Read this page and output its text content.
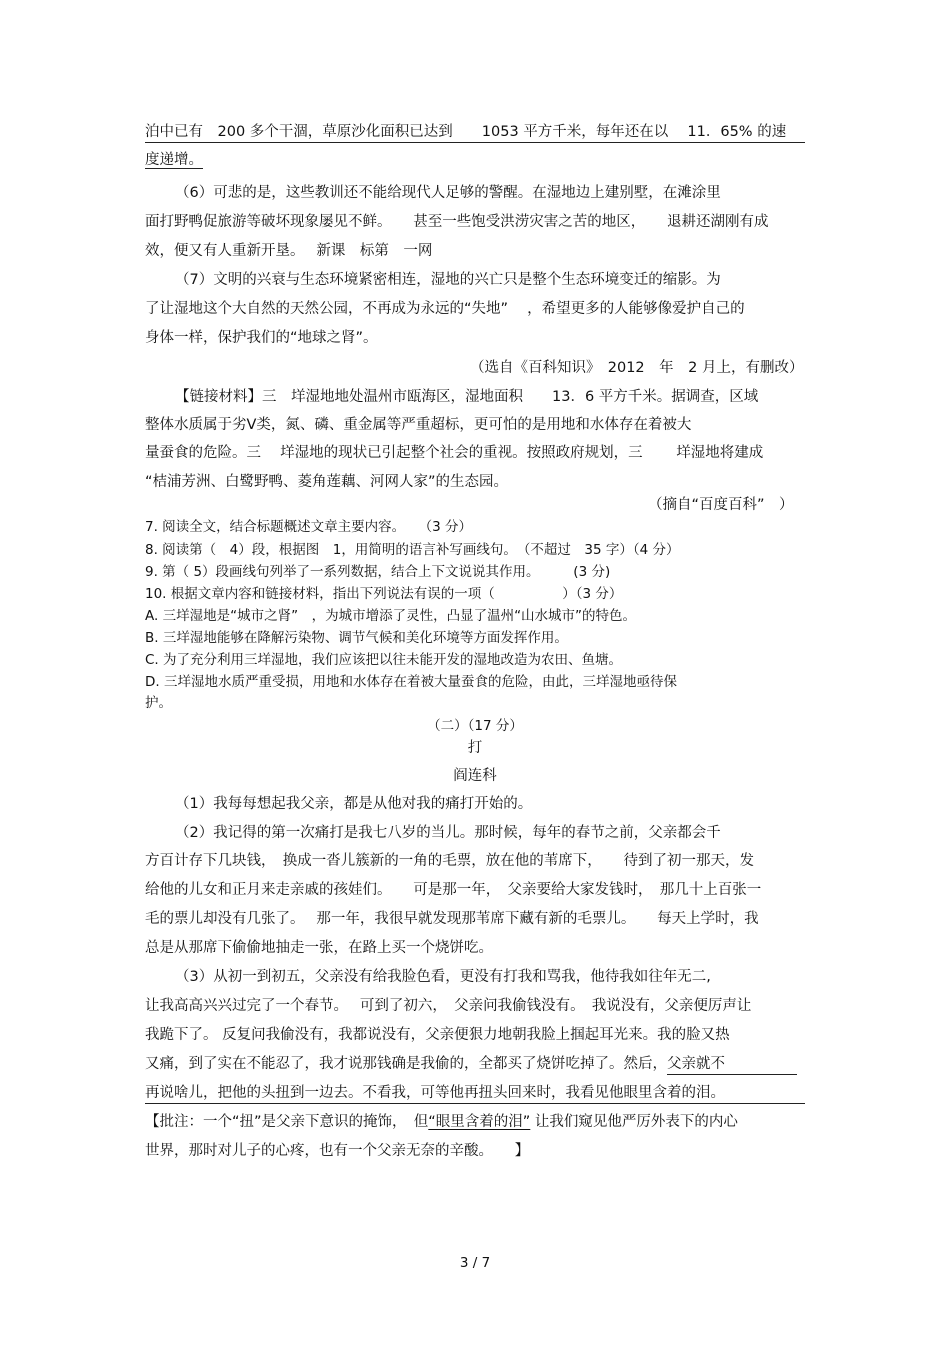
泊中已有　200 多个干涸，草原沙化面积已达到　　1053 平方千米，每年还在以　 11．65% 的速
度递增。
（6）可悲的是，这些教训还不能给现代人足够的警醒。在湿地边上建别墅，在滩涂里
面打野鸭促旅游等破坏现象屡见不鲜。　　甚至一些饱受洪涝灾害之苦的地区，　　退耕还湖刚有成
效，便又有人重新开垦。　 新课　标第　一网
（7）文明的兴衰与生态环境紧密相连，湿地的兴亡只是整个生态环境变迁的缩影。为
了让湿地这个大自然的天然公园，不再成为永远的“失地”　 ，希望更多的人能够像爱护自己的
身体一样，保护我们的“地球之肾”。
（选自《百科知识》　2012　年　2 月上，有删改）
【链接材料】三　垟湿地地处温州市瓯海区，湿地面积　　13．6 平方千米。据调查，区域
整体水质属于劣Ⅴ类，氮、磷、重金属等严重超标，更可怕的是用地和水体存在着被大
量蚕食的危险。三　 垟湿地的现状已引起整个社会的重视。按照政府规划，三　　 垟湿地将建成
“桔浦芳洲、白鹭野鸭、菱角莲藕、河网人家”的生态园。
（摘自“百度百科”　）
7. 阅读全文，结合标题概述文章主要内容。　　（3 分）
8. 阅读第（　4）段，根据图　1，用简明的语言补写画线句。　（不超过　35 字）（4 分）
9. 第（ 5）段画线句列举了一系列数据，结合上下文说说其作用。　　　(3 分)
10. 根据文章内容和链接材料，指出下列说法有误的一项（　　　　　）（3 分）
A. 三垟湿地是“城市之肾”　，为城市增添了灵性，凸显了温州“山水城市”的特色。
B. 三垟湿地能够在降解污染物、调节气候和美化环境等方面发挥作用。
C. 为了充分利用三垟湿地，我们应该把以往未能开发的湿地改造为农田、鱼塘。
D. 三垟湿地水质严重受损，用地和水体存在着被大量蚕食的危险，由此，三垟湿地亟待保
护。
（二）（17 分）
打
阎连科
（1）我每每想起我父亲，都是从他对我的痛打开始的。
（2）我记得的第一次痛打是我七八岁的当儿。那时候，每年的春节之前，父亲都会千
方百计存下几块钱，　换成一沓儿簇新的一角的毛票，放在他的苇席下，　　待到了初一那天，发
给他的儿女和正月来走亲戚的孩娃们。　　可是那一年，　父亲要给大家发钱时，　那几十上百张一
毛的票儿却没有几张了。　 那一年，我很早就发现那苇席下藏有新的毛票儿。　　每天上学时，我
总是从那席下偷偷地抽走一张，在路上买一个烧饼吃。
（3）从初一到初五，父亲没有给我脸色看，更没有打我和骂我，他待我如往年无二,
让我高高兴兴过完了一个春节。　 可到了初六，　父亲问我偷钱没有。　我说没有，父亲便厉声让
我跪下了。 反复问我偷没有，我都说没有，父亲便狠力地朝我脸上掴起耳光来。我的脸又热
又痛，到了实在不能忍了，我才说那钱确是我偷的，全都买了烧饼吃掉了。然后，父亲就不
再说啥儿，把他的头扭到一边去。不看我，可等他再扭头回来时，我看见他眼里含着的泪。
【批注：一个“扭”是父亲下意识的掩饰，　但“眼里含着的泪” 让我们窥见他严厉外表下的内心
世界，那时对儿子的心疼，也有一个父亲无奈的辛酸。　　】
3 / 7
